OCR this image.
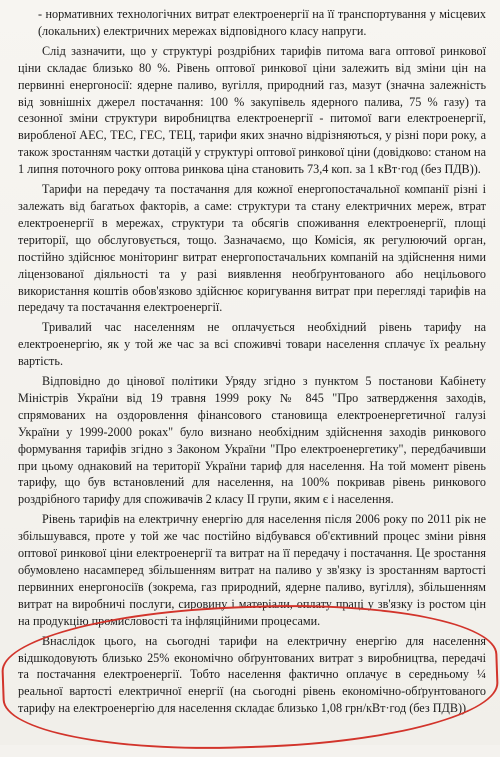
- нормативних технологічних витрат електроенергії на її транспортування у місцевих (локальних) електричних мережах відповідного класу напруги.

Слід зазначити, що у структурі роздрібних тарифів питома вага оптової ринкової ціни складає близько 80 %. Рівень оптової ринкової ціни залежить від зміни цін на первинні енергоносії: ядерне паливо, вугілля, природний газ, мазут (значна залежність від зовнішніх джерел постачання: 100 % закупівель ядерного палива, 75 % газу) та сезонної зміни структури виробництва електроенергії - питомої ваги електроенергії, виробленої АЕС, ТЕС, ГЕС, ТЕЦ, тарифи яких значно відрізняються, у різні пори року, а також зростанням частки дотацій у структурі оптової ринкової ціни (довідково: станом на 1 липня поточного року оптова ринкова ціна становить 73,4 коп. за 1 кВт·год (без ПДВ)).

Тарифи на передачу та постачання для кожної енергопостачальної компанії різні і залежать від багатьох факторів, а саме: структури та стану електричних мереж, втрат електроенергії в мережах, структури та обсягів споживання електроенергії, площі території, що обслуговується, тощо. Зазначаємо, що Комісія, як регулюючий орган, постійно здійснює моніторинг витрат енергопостачальних компаній на здійснення ними ліцензованої діяльності та у разі виявлення необґрунтованого або нецільового використання коштів обов'язково здійснює коригування витрат при перегляді тарифів на передачу та постачання електроенергії.

Тривалий час населенням не оплачується необхідний рівень тарифу на електроенергію, як у той же час за всі споживчі товари населення сплачує їх реальну вартість.

Відповідно до цінової політики Уряду згідно з пунктом 5 постанови Кабінету Міністрів України від 19 травня 1999 року № 845 "Про затвердження заходів, спрямованих на оздоровлення фінансового становища електроенергетичної галузі України у 1999-2000 роках" було визнано необхідним здійснення заходів ринкового формування тарифів згідно з Законом України "Про електроенергетику", передбачивши при цьому однаковий на території України тариф для населення. На той момент рівень тарифу, що був встановлений для населення, на 100% покривав рівень ринкового роздрібного тарифу для споживачів 2 класу II групи, яким є і населення.

Рівень тарифів на електричну енергію для населення після 2006 року по 2011 рік не збільшувався, проте у той же час постійно відбувався об'єктивний процес зміни рівня оптової ринкової ціни електроенергії та витрат на її передачу і постачання. Це зростання обумовлено насамперед збільшенням витрат на паливо у зв'язку із зростанням вартості первинних енергоносіїв (зокрема, газ природний, ядерне паливо, вугілля), збільшенням витрат на виробничі послуги, сировину і матеріали, оплату праці у зв'язку із ростом цін на продукцію промисловості та інфляційними процесами.

Внаслідок цього, на сьогодні тарифи на електричну енергію для населення відшкодовують близько 25% економічно обґрунтованих витрат з виробництва, передачі та постачання електроенергії. Тобто населення фактично оплачує в середньому ¼ реальної вартості електричної енергії (на сьогодні рівень економічно-обґрунтованого тарифу на електроенергію для населення складає близько 1,08 грн/кВт·год (без ПДВ)).
